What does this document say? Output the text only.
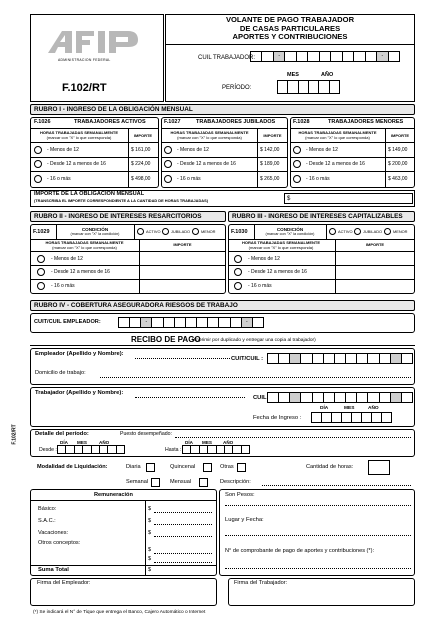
ADMINISTRACION FEDERAL
F.102/RT
VOLANTE DE PAGO TRABAJADOR
DE CASAS PARTICULARES
APORTES Y CONTRIBUCIONES
CUIL TRABAJADOR:	-	-
MES	AÑO
PERÍODO:
RUBRO I - INGRESO DE LA OBLIGACIÓN MENSUAL
F.1026	TRABAJADORES ACTIVOS
HORAS TRABAJADAS SEMANALMENTE
(marcar con "X" lo que corresponda)	IMPORTE
- Menos de 12	$ 161,00
- Desde 12 a menos de 16	$ 224,00
- 16 o más	$ 498,00
F.1027	TRABAJADORES JUBILADOS
HORAS TRABAJADAS SEMANALMENTE
(marcar con "X" lo que corresponda)	IMPORTE
- Menos de 12	$ 142,00
- Desde 12 a menos de 16	$ 189,00
- 16 o más	$ 265,00
F.1028	TRABAJADORES MENORES
HORAS TRABAJADAS SEMANALMENTE
(marcar con "X" lo que corresponda)	IMPORTE
- Menos de 12	$ 149,00
- Desde 12 a menos de 16	$ 200,00
- 16 o más	$ 463,00
IMPORTE DE LA OBLIGACIÓN MENSUAL
(TRANSCRIBA EL IMPORTE CORRESPONDIENTE A LA CANTIDAD DE HORAS TRABAJADAS)	$
RUBRO II - INGRESO DE INTERESES RESARCITORIOS	RUBRO III - INGRESO DE INTERESES CAPITALIZABLES
F.1029	CONDICIÓN
(marcar con "X" la condición)
ACTIVO	JUBILADO	MENOR
HORAS TRABAJADAS SEMANALMENTE
(marcar con "X" lo que corresponda)
IMPORTE
- Menos de 12
- Desde 12 a menos de 16
- 16 o más
F.1030	CONDICIÓN
(marcar con "X" la condición)
ACTIVO	JUBILADO	MENOR
HORAS TRABAJADAS SEMANALMENTE
(marcar con "X" lo que corresponda)
IMPORTE
- Menos de 12
- Desde 12 a menos de 16
- 16 o más
RUBRO IV - COBERTURA ASEGURADORA RIESGOS DE TRABAJO
CUIT/CUIL EMPLEADOR:	-	-
RECIBO DE PAGO
(Imprimir por duplicado y entregar una copia al trabajador)
F.102/RT
Empleador (Apellido y Nombre):
CUIT/CUIL :
Domicilio de trabajo:
Trabajador (Apellido y Nombre):
CUIL:
DÍA	MES	AÑO
Fecha de Ingreso :
Detalle del período:	Puesto desempeñado:
DÍA MES	AÑO
Desde :
DÍA MES AÑO
Hasta :
Modalidad de Liquidación:	Diaria	Quincenal	Otras	Cantidad de horas:
Semanal	Mensual	Descripción:
Remuneración
Básico:	$
S.A.C.:	$
Vacaciones:	$
Otros conceptos:
$
$
Suma Total	$
Son Pesos:
Lugar y Fecha:
N° de comprobante de pago de aportes y contribuciones (*):
Firma del Empleador:	Firma del Trabajador:
(*) Se indicará el N° de Tique que entrega el Banco, Cajero Automático o Internet
